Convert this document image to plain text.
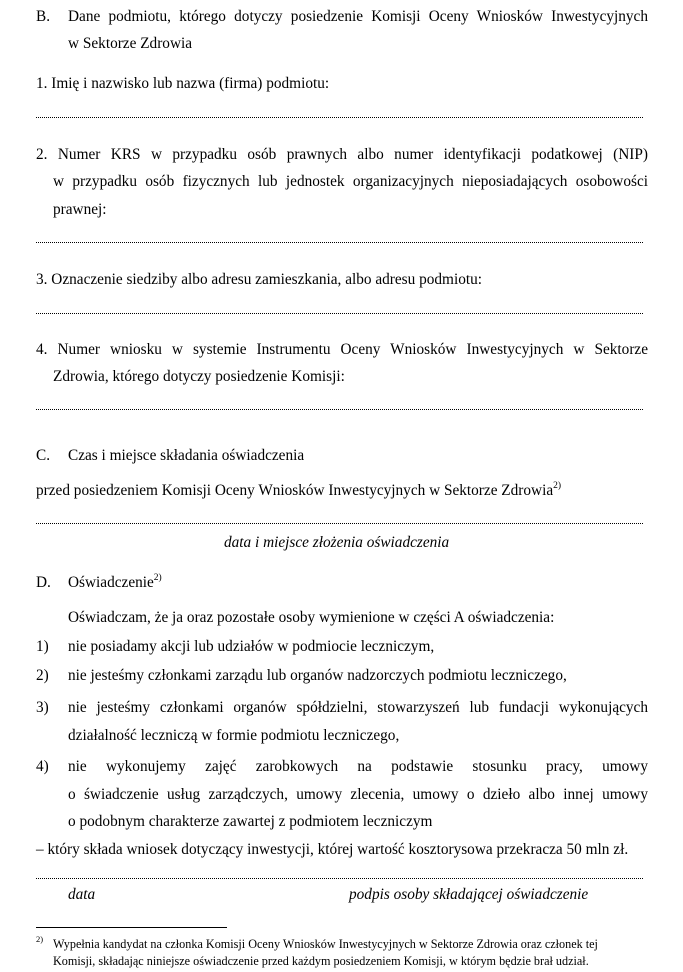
B. Dane podmiotu, którego dotyczy posiedzenie Komisji Oceny Wniosków Inwestycyjnych
w Sektorze Zdrowia
1. Imię i nazwisko lub nazwa (firma) podmiotu:
2. Numer KRS w przypadku osób prawnych albo numer identyfikacji podatkowej (NIP)
w przypadku osób fizycznych lub jednostek organizacyjnych nieposiadających osobowości
prawnej:
3. Oznaczenie siedziby albo adresu zamieszkania, albo adresu podmiotu:
4. Numer wniosku w systemie Instrumentu Oceny Wniosków Inwestycyjnych w Sektorze
Zdrowia, którego dotyczy posiedzenie Komisji:
C. Czas i miejsce składania oświadczenia
przed posiedzeniem Komisji Oceny Wniosków Inwestycyjnych w Sektorze Zdrowia$^{2)}$
data i miejsce złożenia oświadczenia
D. Oświadczenie$^{2)}$
Oświadczam, że ja oraz pozostałe osoby wymienione w części A oświadczenia:
1) nie posiadamy akcji lub udziałów w podmiocie leczniczym,
2) nie jesteśmy członkami zarządu lub organów nadzorczych podmiotu leczniczego,
3) nie jesteśmy członkami organów spółdzielni, stowarzyszeń lub fundacji wykonujących
działalność leczniczą w formie podmiotu leczniczego,
4) nie wykonujemy zajęć zarobkowych na podstawie stosunku pracy, umowy
o świadczenie usług zarządczych, umowy zlecenia, umowy o dzieło albo innej umowy
o podobnym charakterze zawartej z podmiotem leczniczym
– który składa wniosek dotyczący inwestycji, której wartość kosztorysowa przekracza 50 mln zł.
data	podpis osoby składającej oświadczenie
2) Wypełnia kandydat na członka Komisji Oceny Wniosków Inwestycyjnych w Sektorze Zdrowia oraz członek tej
Komisji, składając niniejsze oświadczenie przed każdym posiedzeniem Komisji, w którym będzie brał udział.
